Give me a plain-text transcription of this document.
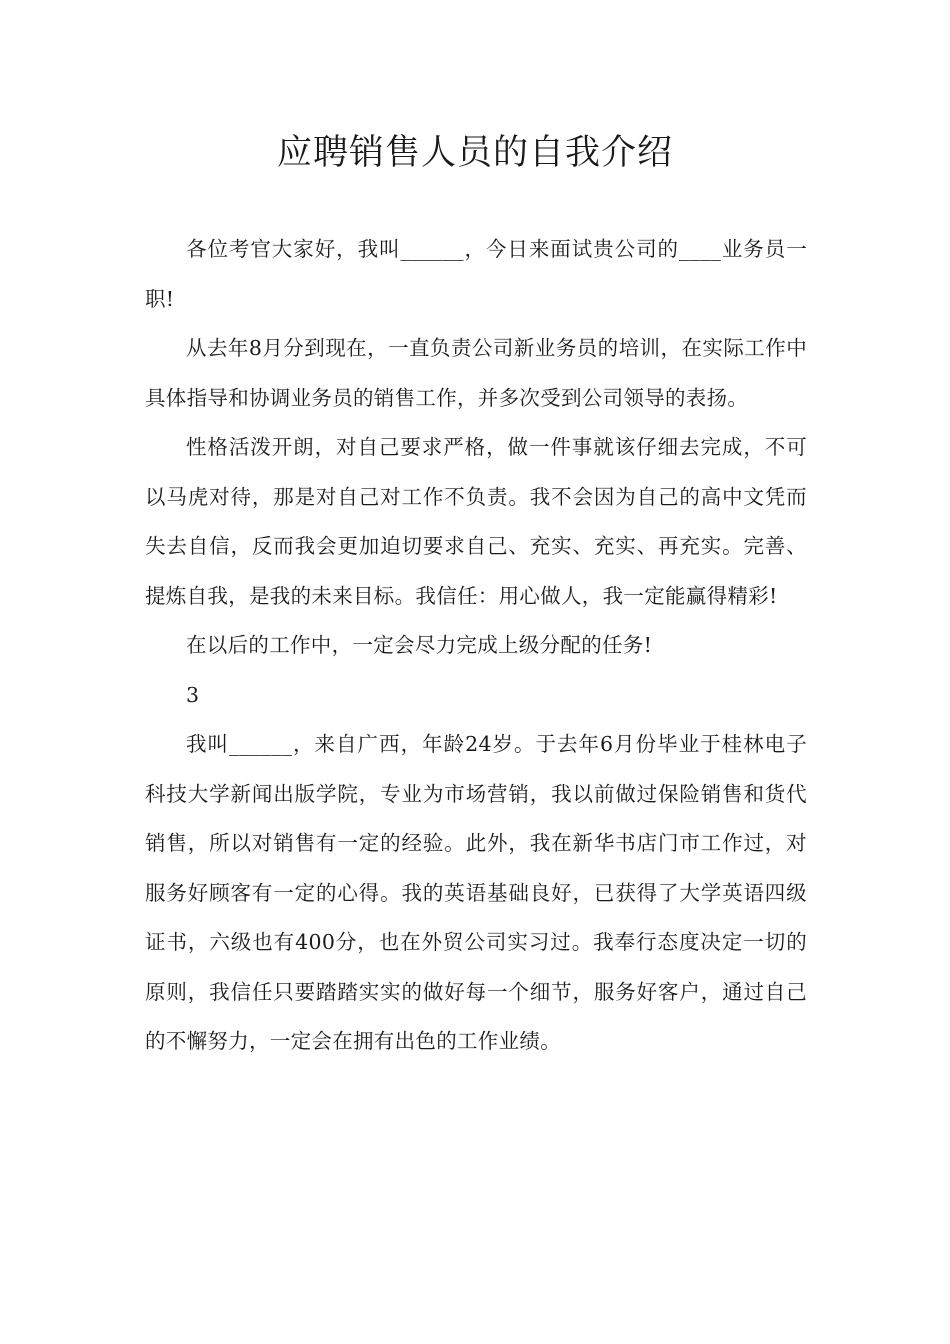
应聘销售人员的自我介绍

各位考官大家好，我叫______，今日来面试贵公司的____业务员一职!

从去年8月分到现在，一直负责公司新业务员的培训，在实际工作中具体指导和协调业务员的销售工作，并多次受到公司领导的表扬。

性格活泼开朗，对自己要求严格，做一件事就该仔细去完成，不可以马虎对待，那是对自己对工作不负责。我不会因为自己的高中文凭而失去自信，反而我会更加迫切要求自己、充实、充实、再充实。完善、提炼自我，是我的未来目标。我信任：用心做人，我一定能赢得精彩!

在以后的工作中，一定会尽力完成上级分配的任务!

3

我叫______，来自广西，年龄24岁。于去年6月份毕业于桂林电子科技大学新闻出版学院，专业为市场营销，我以前做过保险销售和货代销售，所以对销售有一定的经验。此外，我在新华书店门市工作过，对服务好顾客有一定的心得。我的英语基础良好，已获得了大学英语四级证书，六级也有400分，也在外贸公司实习过。我奉行态度决定一切的原则，我信任只要踏踏实实的做好每一个细节，服务好客户，通过自己的不懈努力，一定会在拥有出色的工作业绩。
